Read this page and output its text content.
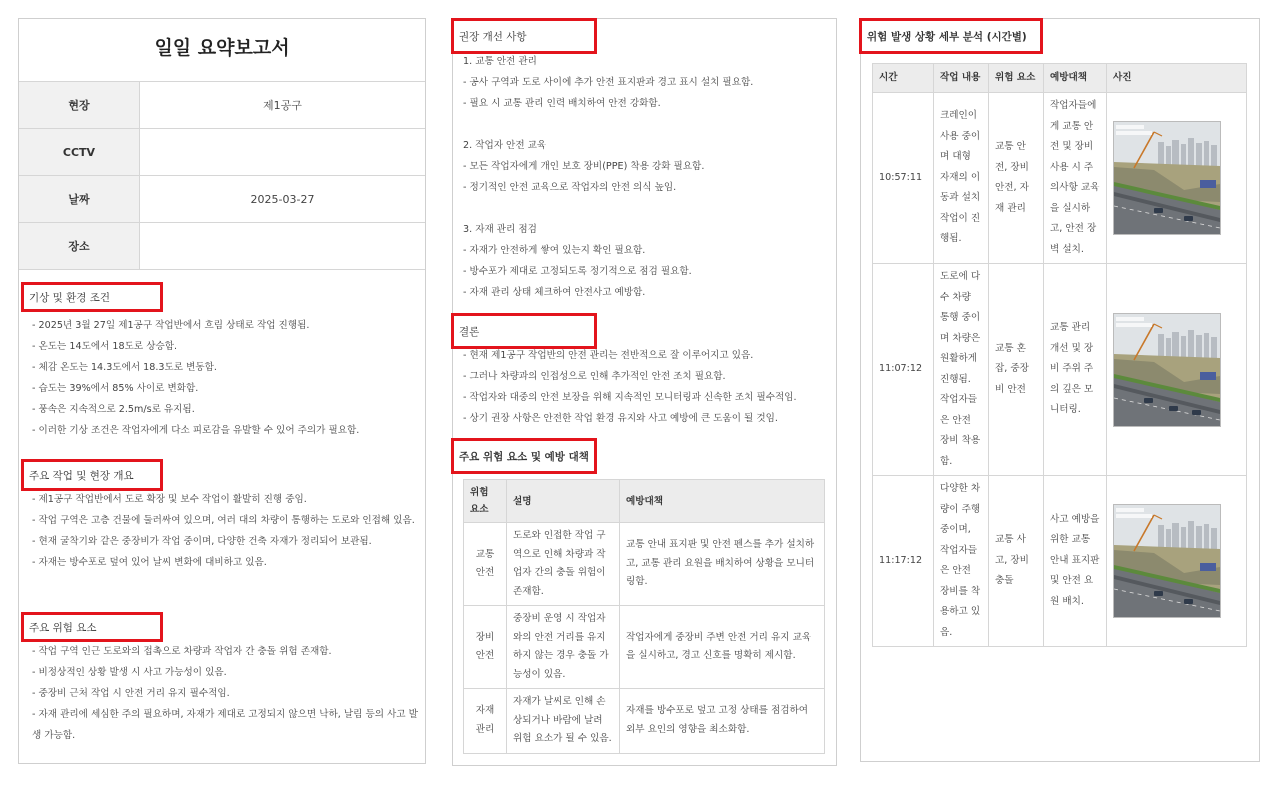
일일 요약보고서
현장	제1공구
CCTV	
날짜	2025-03-27
장소	
기상 및 환경 조건
- 2025년 3월 27일 제1공구 작업반에서 흐림 상태로 작업 진행됨.
- 온도는 14도에서 18도로 상승함.
- 체감 온도는 14.3도에서 18.3도로 변동함.
- 습도는 39%에서 85% 사이로 변화함.
- 풍속은 지속적으로 2.5m/s로 유지됨.
- 이러한 기상 조건은 작업자에게 다소 피로감을 유발할 수 있어 주의가 필요함.
주요 작업 및 현장 개요
- 제1공구 작업반에서 도로 확장 및 보수 작업이 활발히 진행 중임.
- 작업 구역은 고층 건물에 둘러싸여 있으며, 여러 대의 차량이 통행하는 도로와 인접해 있음.
- 현재 굴착기와 같은 중장비가 작업 중이며, 다양한 건축 자재가 정리되어 보관됨.
- 자재는 방수포로 덮여 있어 날씨 변화에 대비하고 있음.
주요 위험 요소
- 작업 구역 인근 도로와의 접촉으로 차량과 작업자 간 충돌 위험 존재함.
- 비정상적인 상황 발생 시 사고 가능성이 있음.
- 중장비 근처 작업 시 안전 거리 유지 필수적임.
- 자재 관리에 세심한 주의 필요하며, 자재가 제대로 고정되지 않으면 낙하, 날림 등의 사고 발생 가능함.
권장 개선 사항
1. 교통 안전 관리
- 공사 구역과 도로 사이에 추가 안전 표지판과 경고 표시 설치 필요함.
- 필요 시 교통 관리 인력 배치하여 안전 강화함.
2. 작업자 안전 교육
- 모든 작업자에게 개인 보호 장비(PPE) 착용 강화 필요함.
- 정기적인 안전 교육으로 작업자의 안전 의식 높임.
3. 자재 관리 점검
- 자재가 안전하게 쌓여 있는지 확인 필요함.
- 방수포가 제대로 고정되도록 정기적으로 점검 필요함.
- 자재 관리 상태 체크하여 안전사고 예방함.
결론
- 현재 제1공구 작업반의 안전 관리는 전반적으로 잘 이루어지고 있음.
- 그러나 차량과의 인접성으로 인해 추가적인 안전 조치 필요함.
- 작업자와 대중의 안전 보장을 위해 지속적인 모니터링과 신속한 조치 필수적임.
- 상기 권장 사항은 안전한 작업 환경 유지와 사고 예방에 큰 도움이 될 것임.
주요 위험 요소 및 예방 대책
위험 요소	설명	예방대책
교통 안전	도로와 인접한 작업 구역으로 인해 차량과 작업자 간의 충돌 위험이 존재함.	교통 안내 표지판 및 안전 펜스를 추가 설치하고, 교통 관리 요원을 배치하여 상황을 모니터링함.
장비 안전	중장비 운영 시 작업자와의 안전 거리를 유지하지 않는 경우 충돌 가능성이 있음.	작업자에게 중장비 주변 안전 거리 유지 교육을 실시하고, 경고 신호를 명확히 제시함.
자재 관리	자재가 날씨로 인해 손상되거나 바람에 날려 위험 요소가 될 수 있음.	자재를 방수포로 덮고 고정 상태를 점검하여 외부 요인의 영향을 최소화함.
위험 발생 상황 세부 분석 (시간별)
시간	작업 내용	위험 요소	예방대책	사진
10:57:11	크레인이 사용 중이며 대형 자재의 이동과 설치 작업이 진행됨.	교통 안전, 장비 안전, 자재 관리	작업자들에게 교통 안전 및 장비 사용 시 주의사항 교육을 실시하고, 안전 장벽 설치.	

11:07:12	도로에 다수 차량 통행 중이며 차량은 원활하게 진행됨. 작업자들은 안전 장비 착용함.	교통 혼잡, 중장비 안전	교통 관리 개선 및 장비 주위 주의 깊은 모니터링.	

11:17:12	다양한 차량이 주행 중이며, 작업자들은 안전 장비를 착용하고 있음.	교통 사고, 장비 충돌	사고 예방을 위한 교통 안내 표지판 및 안전 요원 배치.	
